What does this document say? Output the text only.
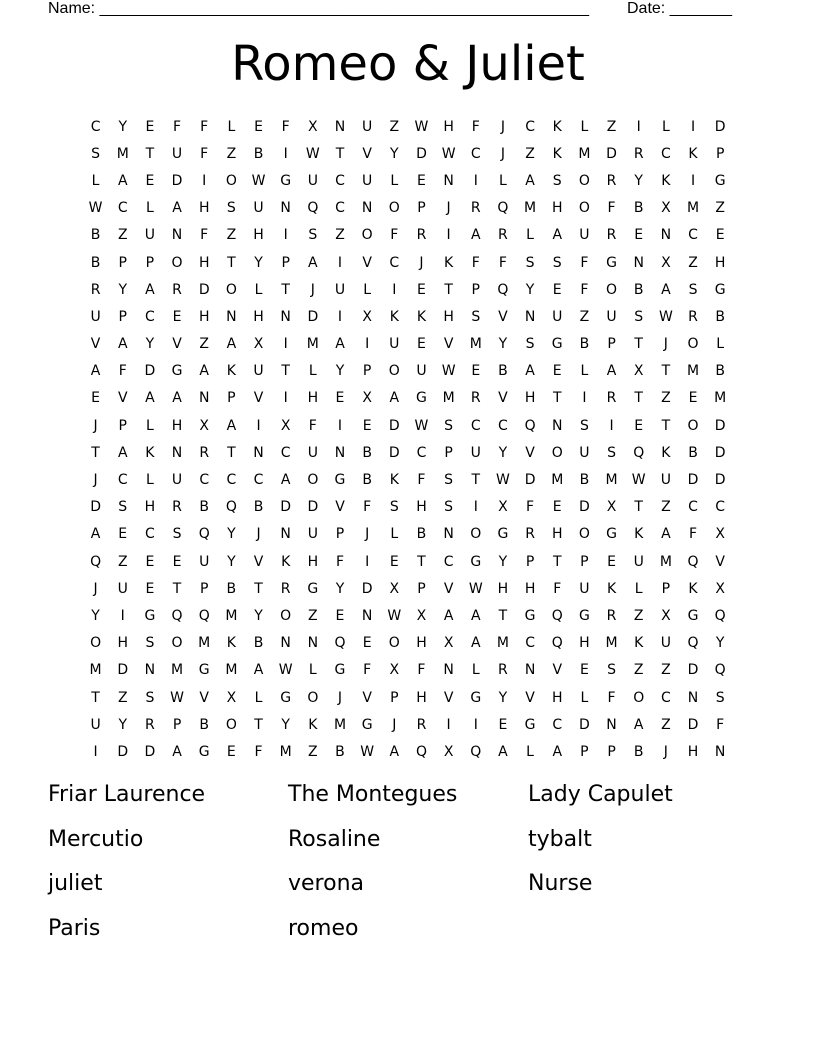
Name: _______________________________________________________ Date: _______
Romeo & Juliet
C	Y	E	F	F	L	E	F	X	N	U	Z	W	H	F	J	C	K	L	Z	I	L	I	D
S	M	T	U	F	Z	B	I	W	T	V	Y	D	W	C	J	Z	K	M	D	R	C	K	P
L	A	E	D	I	O	W	G	U	C	U	L	E	N	I	L	A	S	O	R	Y	K	I	G
W	C	L	A	H	S	U	N	Q	C	N	O	P	J	R	Q	M	H	O	F	B	X	M	Z
B	Z	U	N	F	Z	H	I	S	Z	O	F	R	I	A	R	L	A	U	R	E	N	C	E
B	P	P	O	H	T	Y	P	A	I	V	C	J	K	F	F	S	S	F	G	N	X	Z	H
R	Y	A	R	D	O	L	T	J	U	L	I	E	T	P	Q	Y	E	F	O	B	A	S	G
U	P	C	E	H	N	H	N	D	I	X	K	K	H	S	V	N	U	Z	U	S	W	R	B
V	A	Y	V	Z	A	X	I	M	A	I	U	E	V	M	Y	S	G	B	P	T	J	O	L
A	F	D	G	A	K	U	T	L	Y	P	O	U	W	E	B	A	E	L	A	X	T	M	B
E	V	A	A	N	P	V	I	H	E	X	A	G	M	R	V	H	T	I	R	T	Z	E	M
J	P	L	H	X	A	I	X	F	I	E	D	W	S	C	C	Q	N	S	I	E	T	O	D
T	A	K	N	R	T	N	C	U	N	B	D	C	P	U	Y	V	O	U	S	Q	K	B	D
J	C	L	U	C	C	C	A	O	G	B	K	F	S	T	W	D	M	B	M	W	U	D	D
D	S	H	R	B	Q	B	D	D	V	F	S	H	S	I	X	F	E	D	X	T	Z	C	C
A	E	C	S	Q	Y	J	N	U	P	J	L	B	N	O	G	R	H	O	G	K	A	F	X
Q	Z	E	E	U	Y	V	K	H	F	I	E	T	C	G	Y	P	T	P	E	U	M	Q	V
J	U	E	T	P	B	T	R	G	Y	D	X	P	V	W	H	H	F	U	K	L	P	K	X
Y	I	G	Q	Q	M	Y	O	Z	E	N	W	X	A	A	T	G	Q	G	R	Z	X	G	Q
O	H	S	O	M	K	B	N	N	Q	E	O	H	X	A	M	C	Q	H	M	K	U	Q	Y
M	D	N	M	G	M	A	W	L	G	F	X	F	N	L	R	N	V	E	S	Z	Z	D	Q
T	Z	S	W	V	X	L	G	O	J	V	P	H	V	G	Y	V	H	L	F	O	C	N	S
U	Y	R	P	B	O	T	Y	K	M	G	J	R	I	I	E	G	C	D	N	A	Z	D	F
I	D	D	A	G	E	F	M	Z	B	W	A	Q	X	Q	A	L	A	P	P	B	J	H	N
Friar Laurence	The Montegues	Lady Capulet
Mercutio	Rosaline	tybalt
juliet	verona	Nurse
Paris	romeo
